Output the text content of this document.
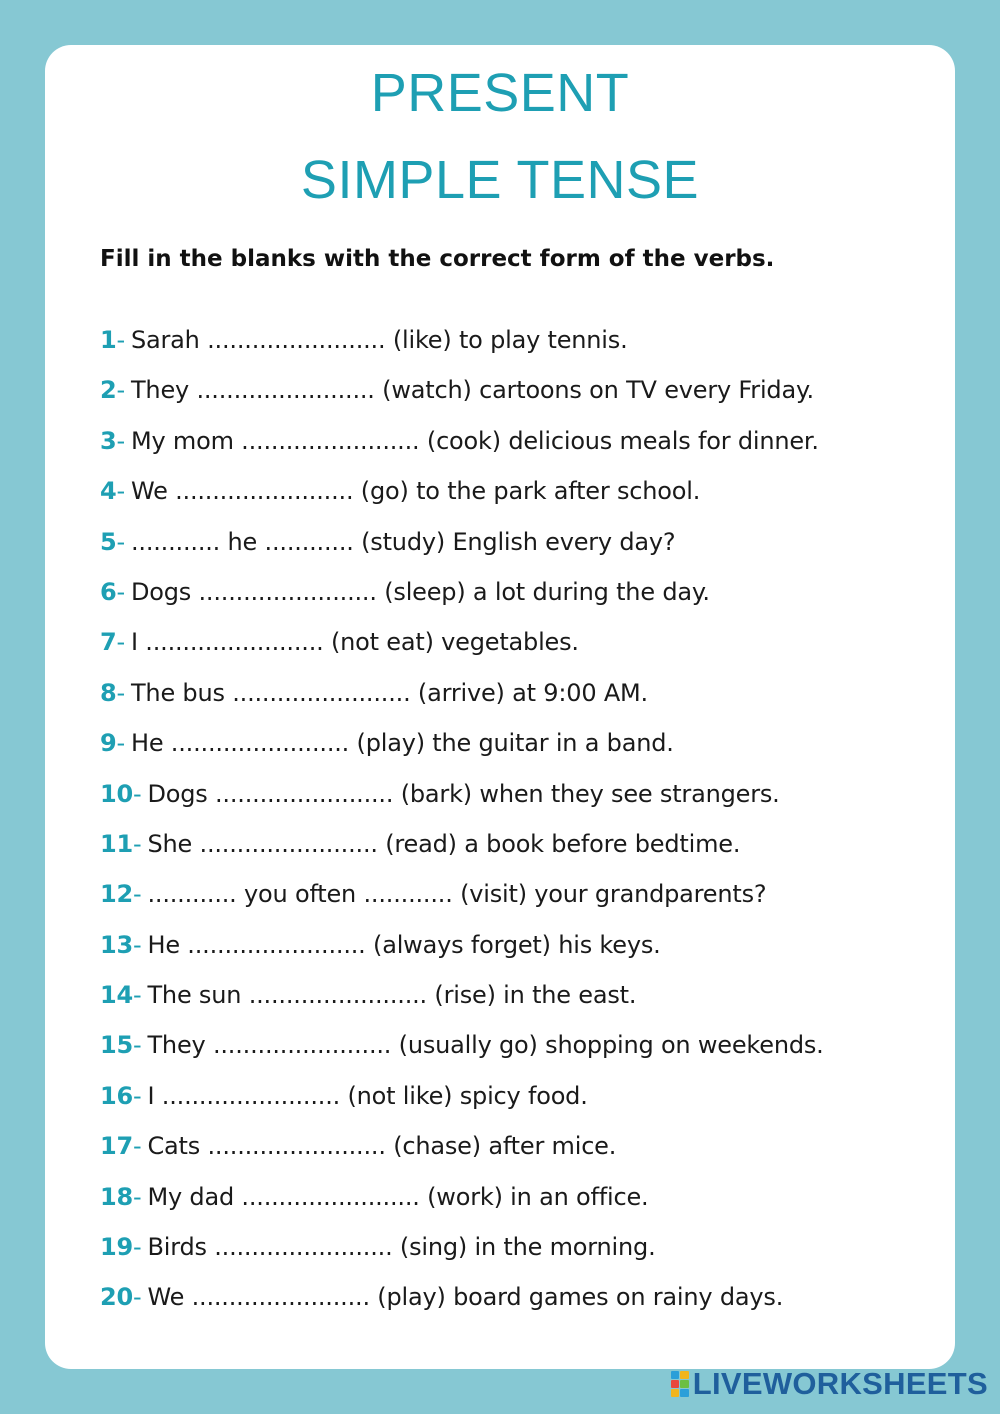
PRESENT
SIMPLE TENSE

Fill in the blanks with the correct form of the verbs.

1- Sarah ........................ (like) to play tennis.
2- They ........................ (watch) cartoons on TV every Friday.
3- My mom ........................ (cook) delicious meals for dinner.
4- We ........................ (go) to the park after school.
5- ............ he ............ (study) English every day?
6- Dogs ........................ (sleep) a lot during the day.
7- I ........................ (not eat) vegetables.
8- The bus ........................ (arrive) at 9:00 AM.
9- He ........................ (play) the guitar in a band.
10- Dogs ........................ (bark) when they see strangers.
11- She ........................ (read) a book before bedtime.
12- ............ you often ............ (visit) your grandparents?
13- He ........................ (always forget) his keys.
14- The sun ........................ (rise) in the east.
15- They ........................ (usually go) shopping on weekends.
16- I ........................ (not like) spicy food.
17- Cats ........................ (chase) after mice.
18- My dad ........................ (work) in an office.
19- Birds ........................ (sing) in the morning.
20- We ........................ (play) board games on rainy days.
LIVEWORKSHEETS
